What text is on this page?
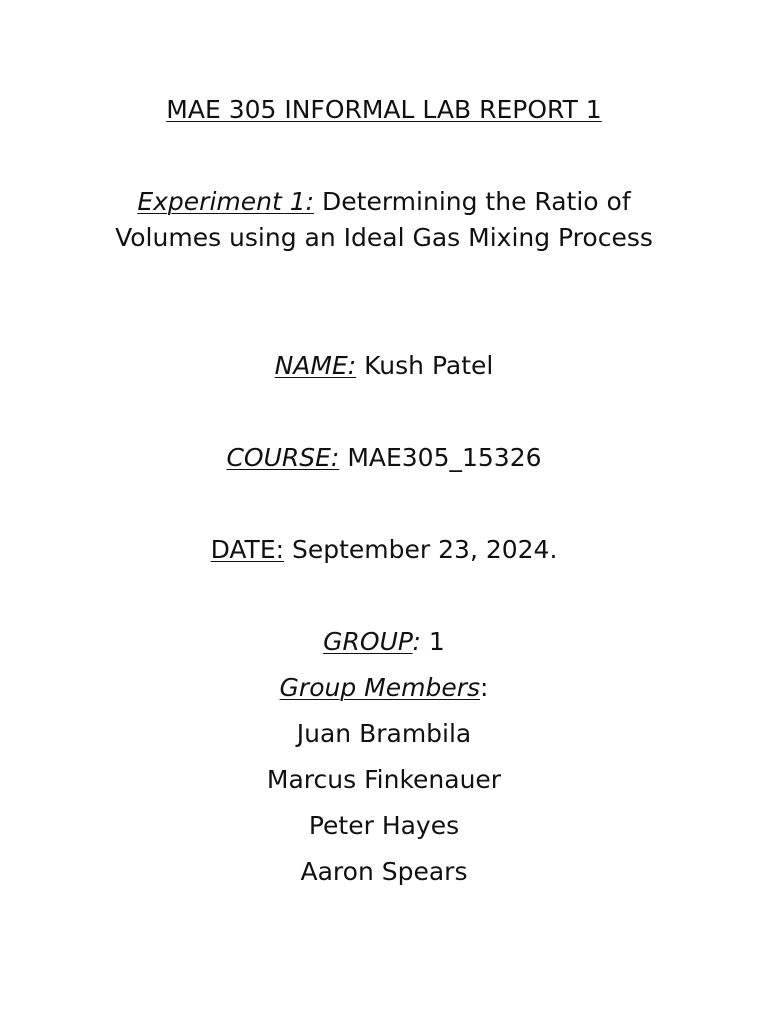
MAE 305 INFORMAL LAB REPORT 1
Experiment 1: Determining the Ratio of Volumes using an Ideal Gas Mixing Process
NAME: Kush Patel
COURSE: MAE305_15326
DATE: September 23, 2024.
GROUP: 1
Group Members:
Juan Brambila
Marcus Finkenauer
Peter Hayes
Aaron Spears
